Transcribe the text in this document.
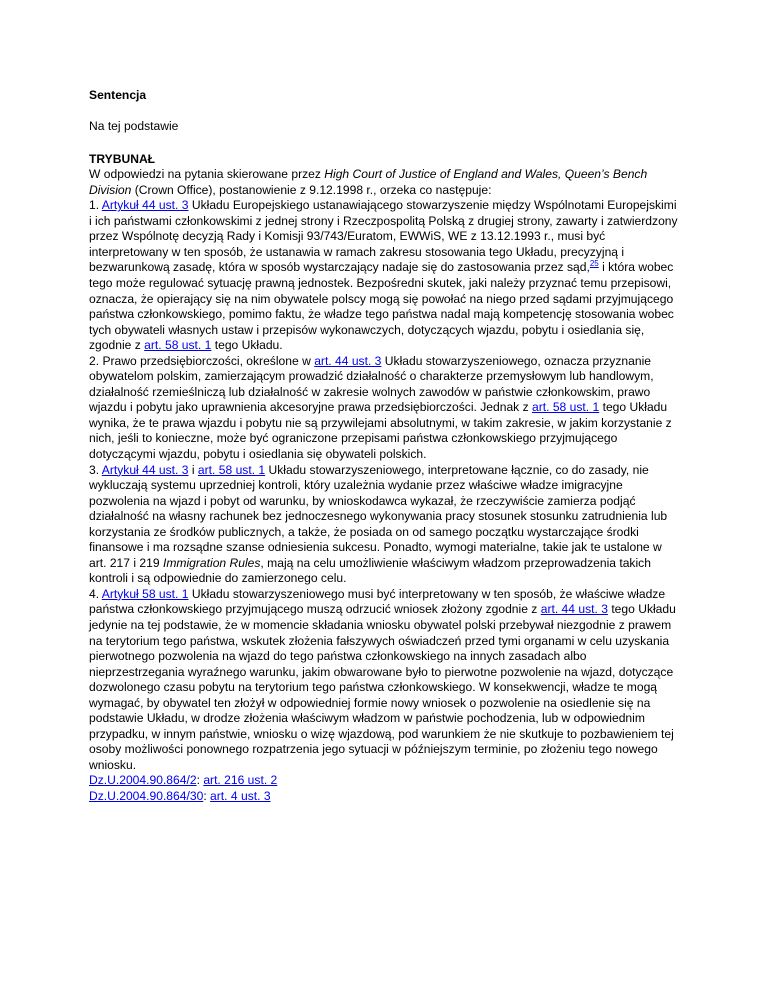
Sentencja

Na tej podstawie

TRYBUNAŁ

W odpowiedzi na pytania skierowane przez High Court of Justice of England and Wales, Queen’s Bench Division (Crown Office), postanowienie z 9.12.1998 r., orzeka co następuje:

1. Artykuł 44 ust. 3 Układu Europejskiego ustanawiającego stowarzyszenie między Wspólnotami Europejskimi i ich państwami członkowskimi z jednej strony i Rzeczpospolitą Polską z drugiej strony, zawarty i zatwierdzony przez Wspólnotę decyzją Rady i Komisji 93/743/Euratom, EWWiS, WE z 13.12.1993 r., musi być interpretowany w ten sposób, że ustanawia w ramach zakresu stosowania tego Układu, precyzyjną i bezwarunkową zasadę, która w sposób wystarczający nadaje się do zastosowania przez sąd,$^{25}$ i która wobec tego może regulować sytuację prawną jednostek. Bezpośredni skutek, jaki należy przyznać temu przepisowi, oznacza, że opierający się na nim obywatele polscy mogą się powołać na niego przed sądami przyjmującego państwa członkowskiego, pomimo faktu, że władze tego państwa nadal mają kompetencję stosowania wobec tych obywateli własnych ustaw i przepisów wykonawczych, dotyczących wjazdu, pobytu i osiedlania się, zgodnie z art. 58 ust. 1 tego Układu.

2. Prawo przedsiębiorczości, określone w art. 44 ust. 3 Układu stowarzyszeniowego, oznacza przyznanie obywatelom polskim, zamierzającym prowadzić działalność o charakterze przemysłowym lub handlowym, działalność rzemieślniczą lub działalność w zakresie wolnych zawodów w państwie członkowskim, prawo wjazdu i pobytu jako uprawnienia akcesoryjne prawa przedsiębiorczości. Jednak z art. 58 ust. 1 tego Układu wynika, że te prawa wjazdu i pobytu nie są przywilejami absolutnymi, w takim zakresie, w jakim korzystanie z nich, jeśli to konieczne, może być ograniczone przepisami państwa członkowskiego przyjmującego dotyczącymi wjazdu, pobytu i osiedlania się obywateli polskich.

3. Artykuł 44 ust. 3 i art. 58 ust. 1 Układu stowarzyszeniowego, interpretowane łącznie, co do zasady, nie wykluczają systemu uprzedniej kontroli, który uzależnia wydanie przez właściwe władze imigracyjne pozwolenia na wjazd i pobyt od warunku, by wnioskodawca wykazał, że rzeczywiście zamierza podjąć działalność na własny rachunek bez jednoczesnego wykonywania pracy stosunek stosunku zatrudnienia lub korzystania ze środków publicznych, a także, że posiada on od samego początku wystarczające środki finansowe i ma rozsądne szanse odniesienia sukcesu. Ponadto, wymogi materialne, takie jak te ustalone w art. 217 i 219 Immigration Rules, mają na celu umożliwienie właściwym władzom przeprowadzenia takich kontroli i są odpowiednie do zamierzonego celu.

4. Artykuł 58 ust. 1 Układu stowarzyszeniowego musi być interpretowany w ten sposób, że właściwe władze państwa członkowskiego przyjmującego muszą odrzucić wniosek złożony zgodnie z art. 44 ust. 3 tego Układu jedynie na tej podstawie, że w momencie składania wniosku obywatel polski przebywał niezgodnie z prawem na terytorium tego państwa, wskutek złożenia fałszywych oświadczeń przed tymi organami w celu uzyskania pierwotnego pozwolenia na wjazd do tego państwa członkowskiego na innych zasadach albo nieprzestrzegania wyraźnego warunku, jakim obwarowane było to pierwotne pozwolenie na wjazd, dotyczące dozwolonego czasu pobytu na terytorium tego państwa członkowskiego. W konsekwencji, władze te mogą wymagać, by obywatel ten złożył w odpowiedniej formie nowy wniosek o pozwolenie na osiedlenie się na podstawie Układu, w drodze złożenia właściwym władzom w państwie pochodzenia, lub w odpowiednim przypadku, w innym państwie, wniosku o wizę wjazdową, pod warunkiem że nie skutkuje to pozbawieniem tej osoby możliwości ponownego rozpatrzenia jego sytuacji w późniejszym terminie, po złożeniu tego nowego wniosku.

Dz.U.2004.90.864/2: art. 216 ust. 2

Dz.U.2004.90.864/30: art. 4 ust. 3
